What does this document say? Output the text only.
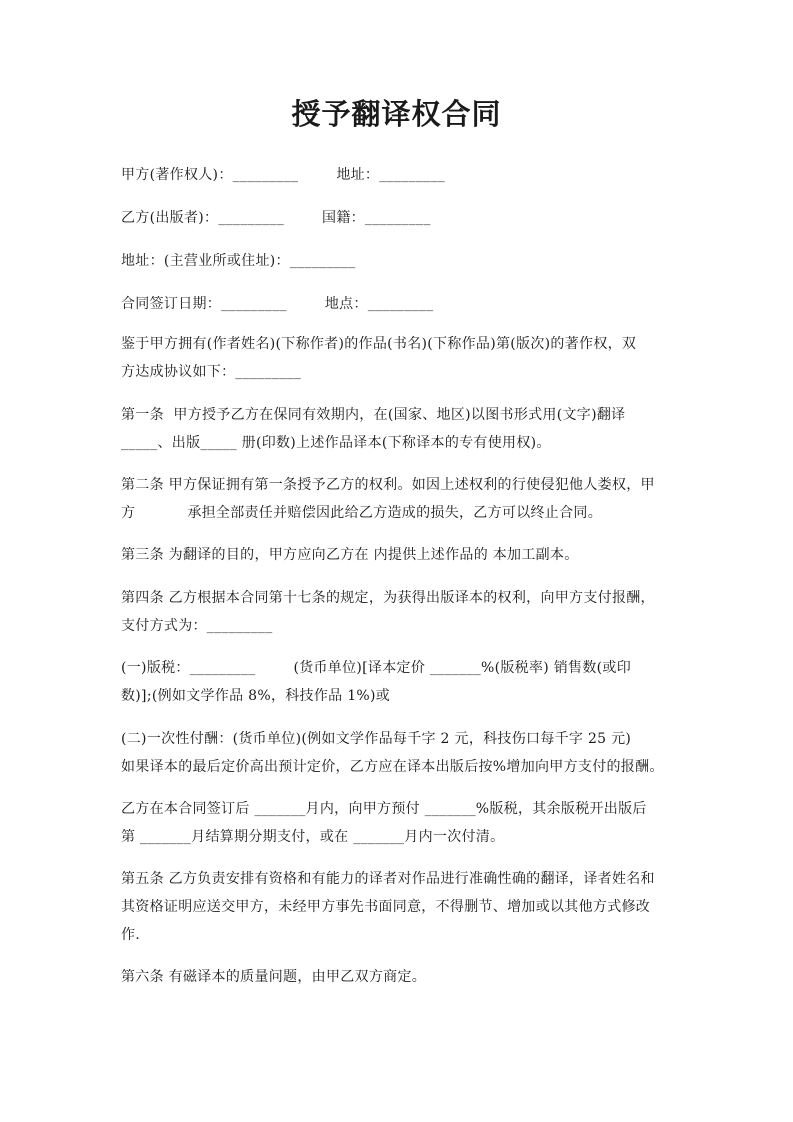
授予翻译权合同
甲方(著作权人)：_________	地址：_________
乙方(出版者)：_________	国籍：_________
地址：(主营业所或住址)：_________
合同签订日期：_________	地点：_________
鉴于甲方拥有(作者姓名)(下称作者)的作品(书名)(下称作品)第(版次)的著作权，双
方达成协议如下：_________
第一条  甲方授予乙方在保同有效期内，在(国家、地区)以图书形式用(文字)翻译
_____、出版_____ 册(印数)上述作品译本(下称译本的专有使用权)。
第二条 甲方保证拥有第一条授予乙方的权利。如因上述权利的行使侵犯他人娄权，甲
方	承担全部责任并赔偿因此给乙方造成的损失，乙方可以终止合同。
第三条 为翻译的目的，甲方应向乙方在 内提供上述作品的 本加工副本。
第四条 乙方根据本合同第十七条的规定，为获得出版译本的权利，向甲方支付报酬，
支付方式为：_________
(一)版税：_________	(货币单位)[译本定价 _______%(版税率) 销售数(或印
数)];(例如文学作品 8%，科技作品 1%)或
(二)一次性付酬：(货币单位)(例如文学作品每千字 2 元，科技伤口每千字 25 元)
如果译本的最后定价高出预计定价，乙方应在译本出版后按%增加向甲方支付的报酬。
乙方在本合同签订后 _______月内，向甲方预付 _______%版税，其余版税开出版后
第 _______月结算期分期支付，或在 _______月内一次付清。
第五条 乙方负责安排有资格和有能力的译者对作品进行准确性确的翻译，译者姓名和
其资格证明应送交甲方，未经甲方事先书面同意，不得删节、增加或以其他方式修改
作.
第六条 有磁译本的质量问题，由甲乙双方商定。
